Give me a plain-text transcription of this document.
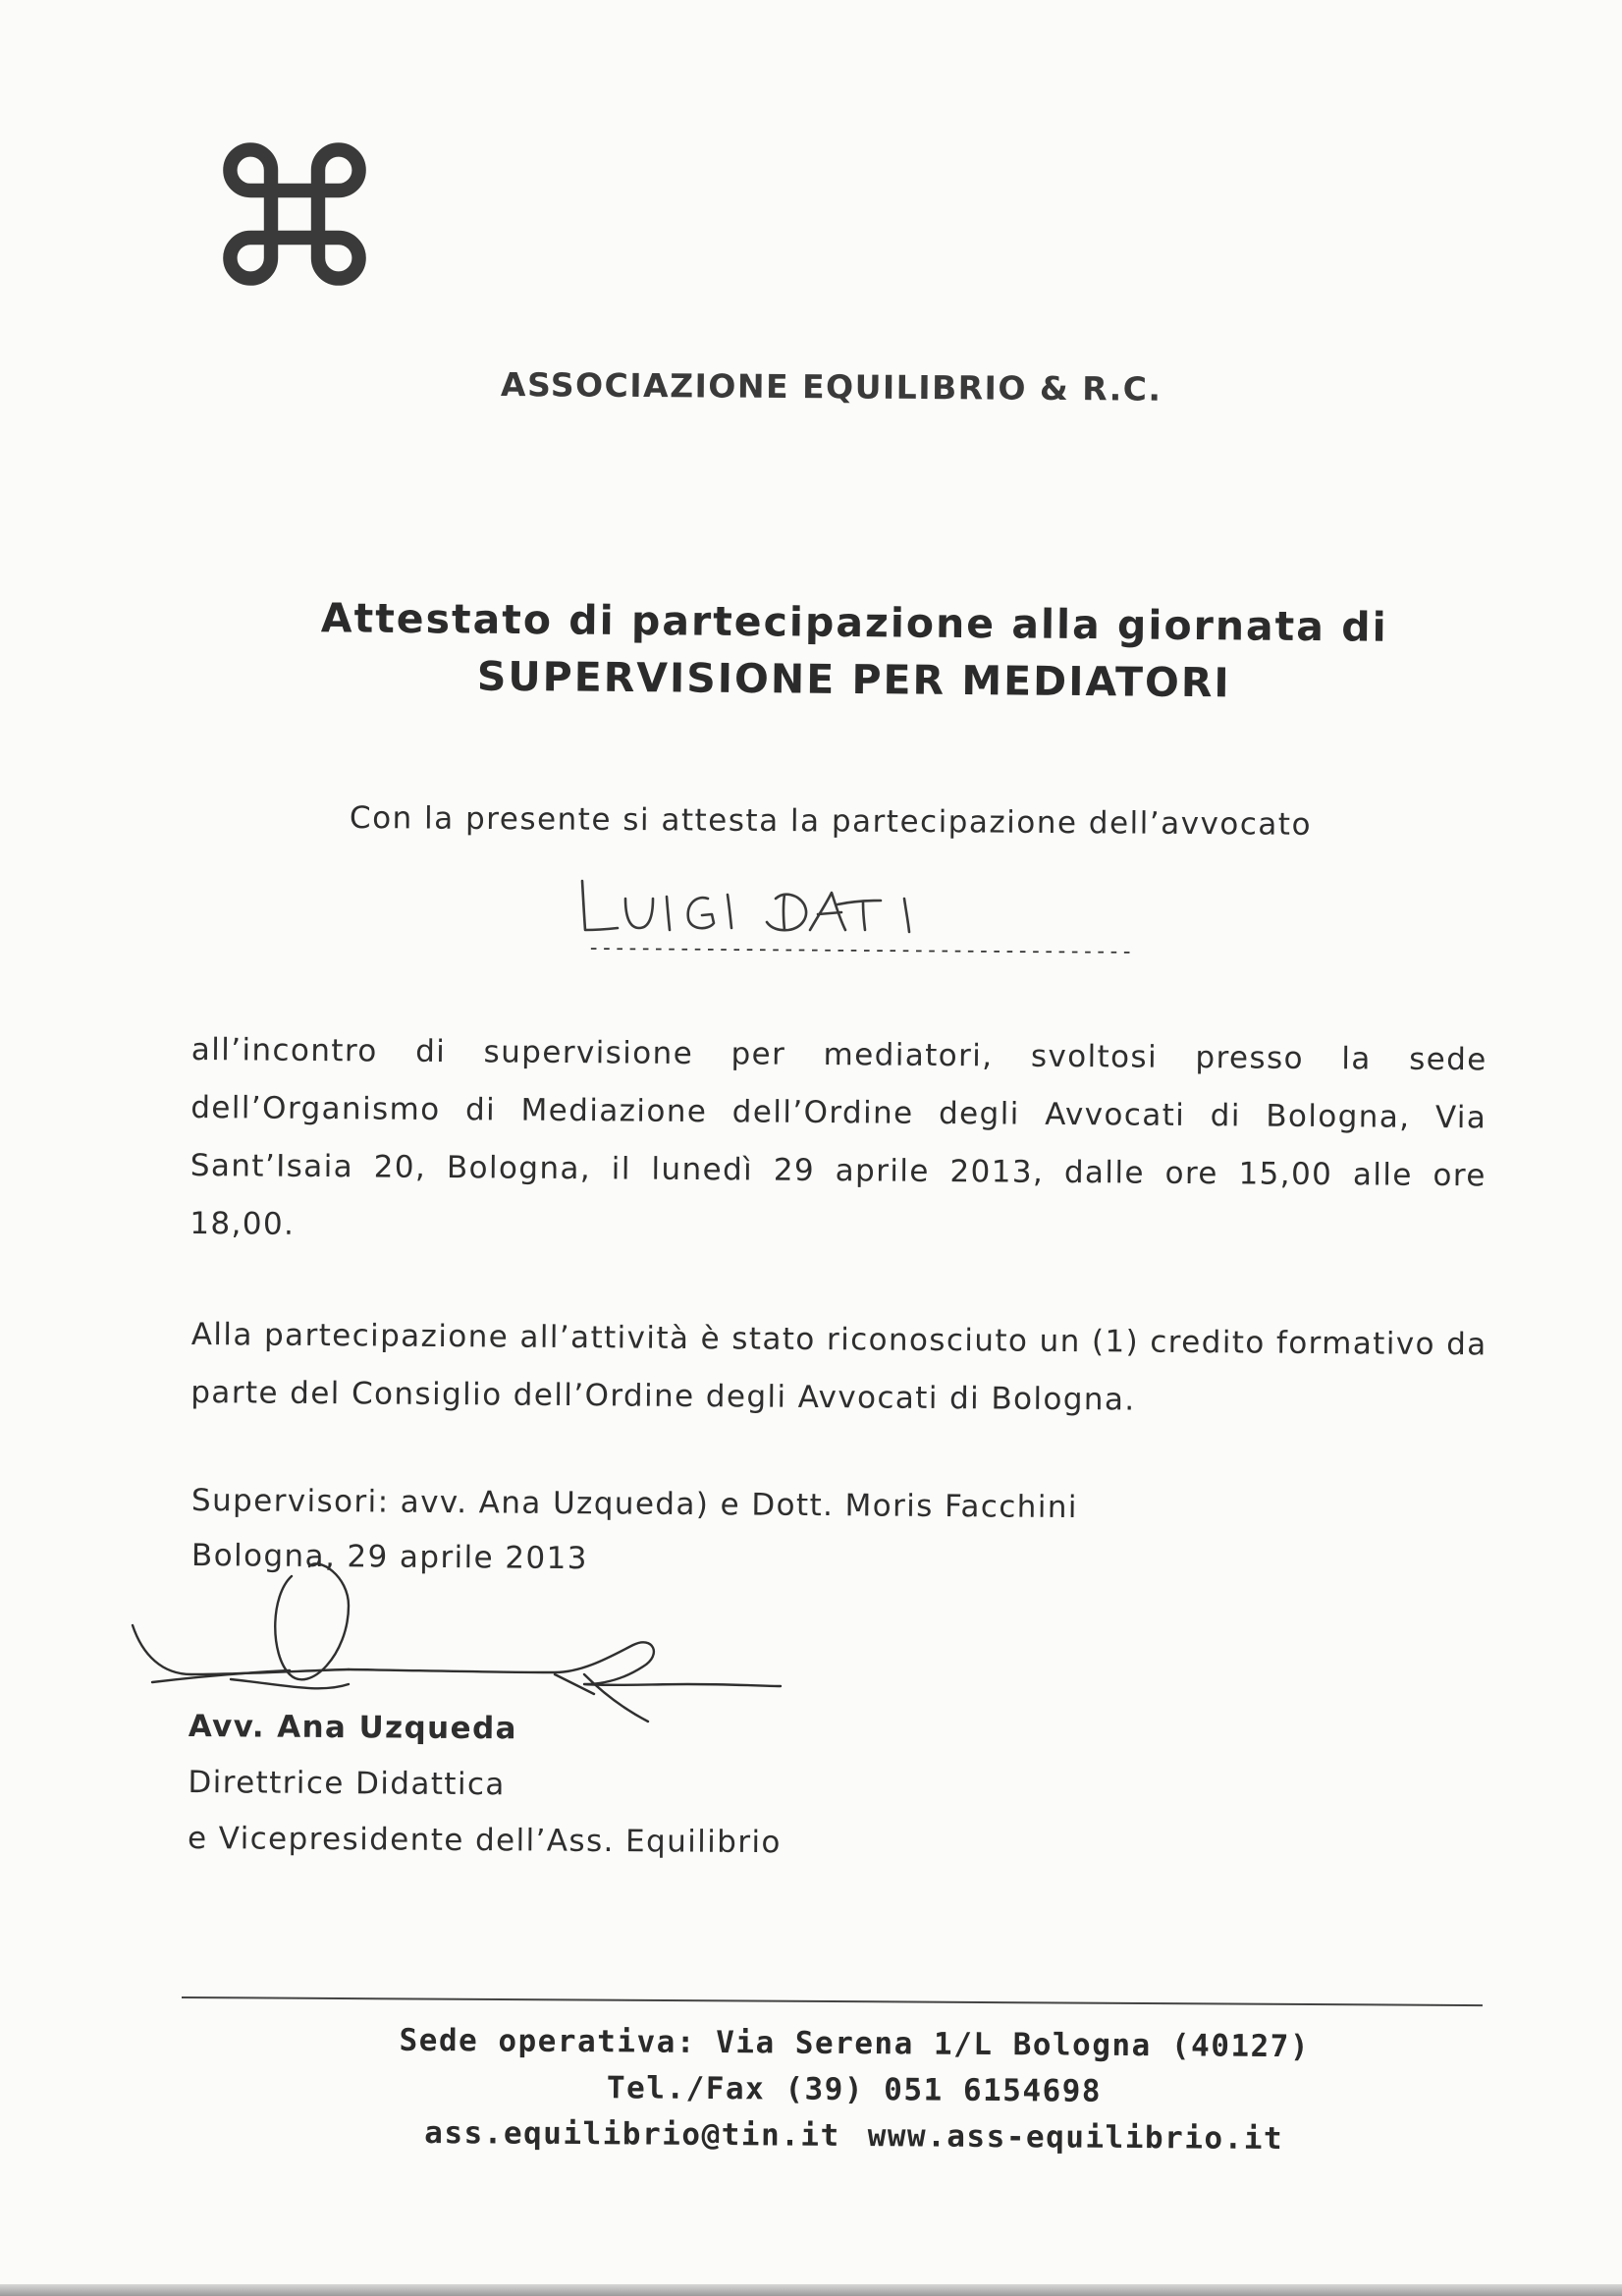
ASSOCIAZIONE EQUILIBRIO & R.C.
Attestato di partecipazione alla giornata di
SUPERVISIONE PER MEDIATORI
Con la presente si attesta la partecipazione dell’avvocato
------------------------------------------

all’incontro di supervisione per mediatori, svoltosi presso la sede dell’Organismo di Mediazione dell’Ordine degli Avvocati di Bologna, Via Sant’Isaia 20, Bologna, il lunedì 29 aprile 2013, dalle ore 15,00 alle ore 18,00.

Alla partecipazione all’attività è stato riconosciuto un (1) credito formativo da parte del Consiglio dell’Ordine degli Avvocati di Bologna.

Supervisori: avv. Ana Uzqueda) e Dott. Moris Facchini
Bologna, 29 aprile 2013
Avv. Ana Uzqueda
Direttrice Didattica
e Vicepresidente dell’Ass. Equilibrio
Sede operativa: Via Serena 1/L Bologna (40127)
Tel./Fax (39) 051 6154698
ass.equilibrio@tin.it www.ass-equilibrio.it
